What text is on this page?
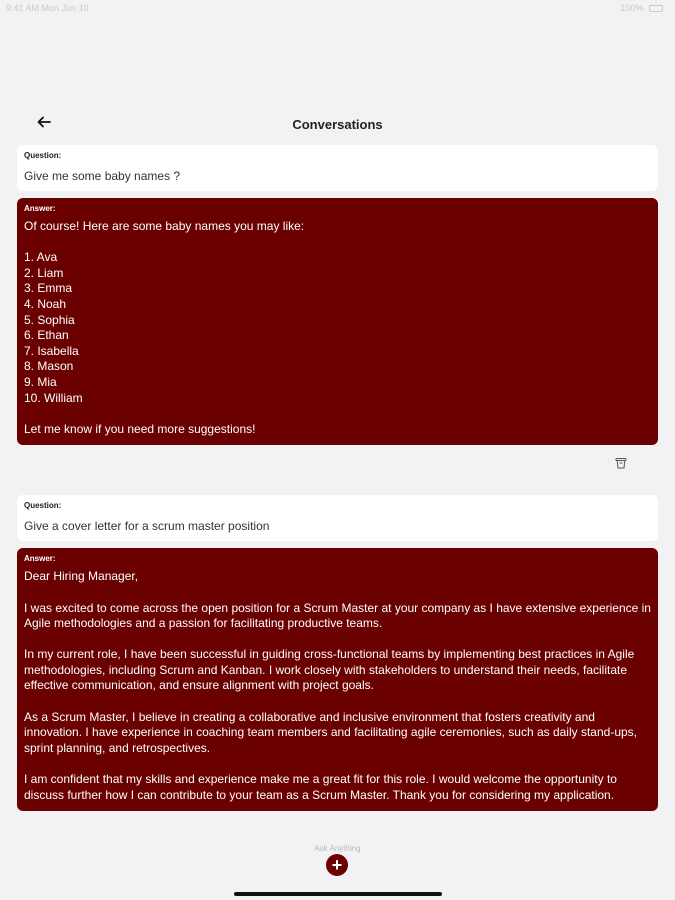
9:41 AM Mon Jun 10	100%
Conversations
Question:
Give me some baby names ?
Answer:
Of course! Here are some baby names you may like:

1. Ava
2. Liam
3. Emma
4. Noah
5. Sophia
6. Ethan
7. Isabella
8. Mason
9. Mia
10. William

Let me know if you need more suggestions!
Question:
Give a cover letter for a scrum master position
Answer:
Dear Hiring Manager,

I was excited to come across the open position for a Scrum Master at your company as I have extensive experience in Agile methodologies and a passion for facilitating productive teams.

In my current role, I have been successful in guiding cross-functional teams by implementing best practices in Agile methodologies, including Scrum and Kanban. I work closely with stakeholders to understand their needs, facilitate effective communication, and ensure alignment with project goals.

As a Scrum Master, I believe in creating a collaborative and inclusive environment that fosters creativity and innovation. I have experience in coaching team members and facilitating agile ceremonies, such as daily stand-ups, sprint planning, and retrospectives.

I am confident that my skills and experience make me a great fit for this role. I would welcome the opportunity to discuss further how I can contribute to your team as a Scrum Master. Thank you for considering my application.
Ask Anything
+
